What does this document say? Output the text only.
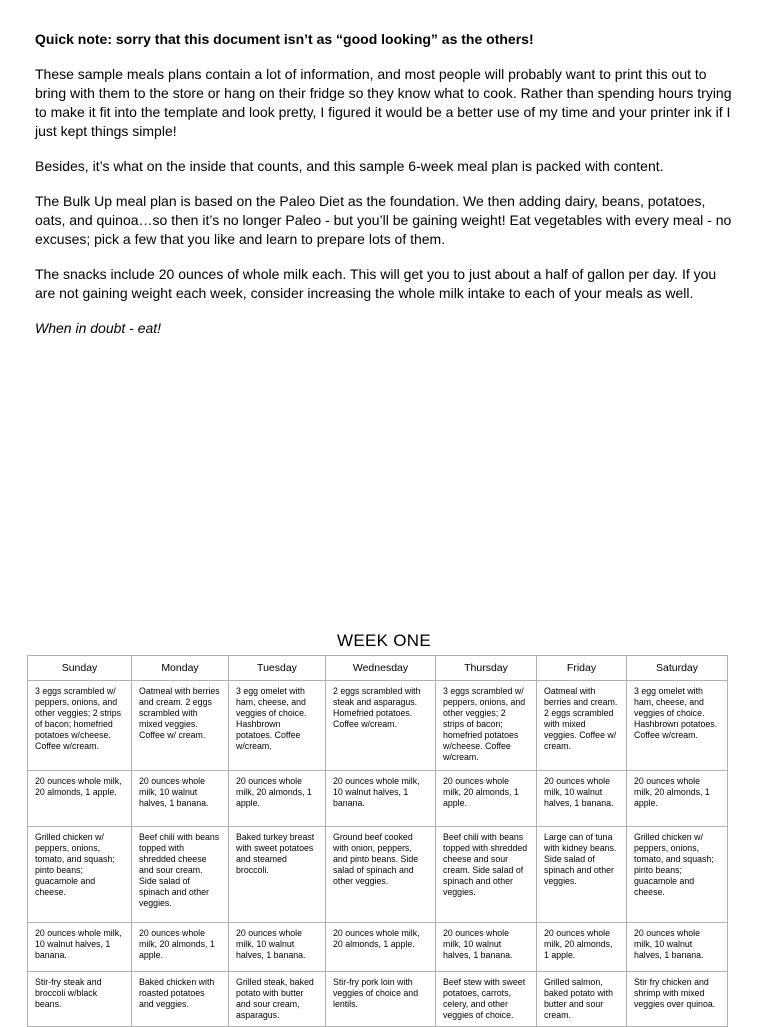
Quick note: sorry that this document isn’t as “good looking” as the others!

These sample meals plans contain a lot of information, and most people will probably want to print this out to bring with them to the store or hang on their fridge so they know what to cook. Rather than spending hours trying to make it fit into the template and look pretty, I figured it would be a better use of my time and your printer ink if I just kept things simple!

Besides, it’s what on the inside that counts, and this sample 6-week meal plan is packed with content.

The Bulk Up meal plan is based on the Paleo Diet as the foundation. We then adding dairy, beans, potatoes, oats, and quinoa…so then it’s no longer Paleo - but you’ll be gaining weight! Eat vegetables with every meal - no excuses; pick a few that you like and learn to prepare lots of them.

The snacks include 20 ounces of whole milk each. This will get you to just about a half of gallon per day. If you are not gaining weight each week, consider increasing the whole milk intake to each of your meals as well.

When in doubt - eat!

WEEK ONE
Sunday	Monday	Tuesday	Wednesday	Thursday	Friday	Saturday
3 eggs scrambled w/ peppers, onions, and other veggies; 2 strips of bacon; homefried potatoes w/cheese. Coffee w/cream.	Oatmeal with berries and cream. 2 eggs scrambled with mixed veggies. Coffee w/ cream.	3 egg omelet with ham, cheese, and veggies of choice. Hashbrown potatoes. Coffee w/cream.	2 eggs scrambled with steak and asparagus. Homefried potatoes. Coffee w/cream.	3 eggs scrambled w/ peppers, onions, and other veggies; 2 strips of bacon; homefried potatoes w/cheese. Coffee w/cream.	Oatmeal with berries and cream. 2 eggs scrambled with mixed veggies. Coffee w/ cream.	3 egg omelet with ham, cheese, and veggies of choice. Hashbrown potatoes. Coffee w/cream.
20 ounces whole milk, 20 almonds, 1 apple.	20 ounces whole milk, 10 walnut halves, 1 banana.	20 ounces whole milk, 20 almonds, 1 apple.	20 ounces whole milk, 10 walnut halves, 1 banana.	20 ounces whole milk, 20 almonds, 1 apple.	20 ounces whole milk, 10 walnut halves, 1 banana.	20 ounces whole milk, 20 almonds, 1 apple.
Grilled chicken w/ peppers, onions, tomato, and squash; pinto beans; guacamole and cheese.	Beef chili with beans topped with shredded cheese and sour cream. Side salad of spinach and other veggies.	Baked turkey breast with sweet potatoes and steamed broccoli.	Ground beef cooked with onion, peppers, and pinto beans. Side salad of spinach and other veggies.	Beef chili with beans topped with shredded cheese and sour cream. Side salad of spinach and other veggies.	Large can of tuna with kidney beans. Side salad of spinach and other veggies.	Grilled chicken w/ peppers, onions, tomato, and squash; pinto beans; guacamole and cheese.
20 ounces whole milk, 10 walnut halves, 1 banana.	20 ounces whole milk, 20 almonds, 1 apple.	20 ounces whole milk, 10 walnut halves, 1 banana.	20 ounces whole milk, 20 almonds, 1 apple.	20 ounces whole milk, 10 walnut halves, 1 banana.	20 ounces whole milk, 20 almonds, 1 apple.	20 ounces whole milk, 10 walnut halves, 1 banana.
Stir-fry steak and broccoli w/black beans.	Baked chicken with roasted potatoes and veggies.	Grilled steak, baked potato with butter and sour cream, asparagus.	Stir-fry pork loin with veggies of choice and lentils.	Beef stew with sweet potatoes, carrots, celery, and other veggies of choice.	Grilled salmon, baked potato with butter and sour cream.	Stir fry chicken and shrimp with mixed veggies over quinoa.
